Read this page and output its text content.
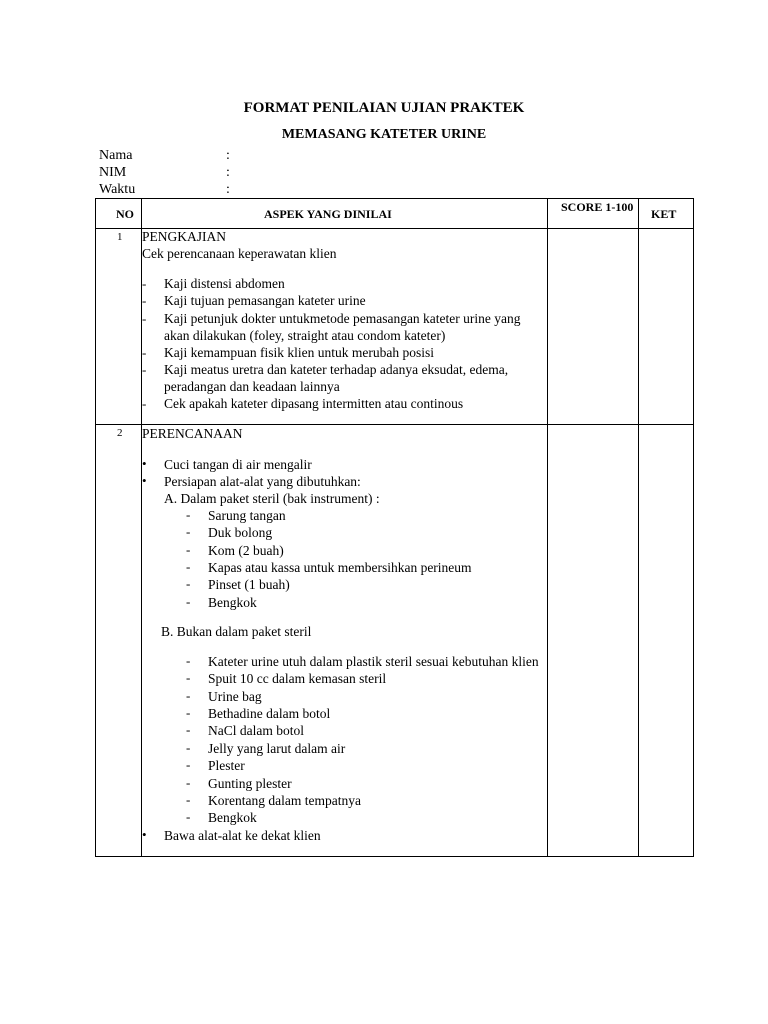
FORMAT PENILAIAN UJIAN PRAKTEK
MEMASANG KATETER URINE
Nama	:
NIM	:
Waktu	:
NO	ASPEK YANG DINILAI	SCORE 1-100 KET
1 PENGKAJIAN
Cek perencanaan keperawatan klien
- Kaji distensi abdomen
- Kaji tujuan pemasangan kateter urine
- Kaji petunjuk dokter untukmetode pemasangan kateter urine yang
akan dilakukan (foley, straight atau condom kateter)
- Kaji kemampuan fisik klien untuk merubah posisi
- Kaji meatus uretra dan kateter terhadap adanya eksudat, edema,
peradangan dan keadaan lainnya
- Cek apakah kateter dipasang intermitten atau continous
2 PERENCANAAN
• Cuci tangan di air mengalir
• Persiapan alat-alat yang dibutuhkan:
A. Dalam paket steril (bak instrument) :
- Sarung tangan
- Duk bolong
- Kom (2 buah)
- Kapas atau kassa untuk membersihkan perineum
- Pinset (1 buah)
- Bengkok
B. Bukan dalam paket steril
- Kateter urine utuh dalam plastik steril sesuai kebutuhan klien
- Spuit 10 cc dalam kemasan steril
- Urine bag
- Bethadine dalam botol
- NaCl dalam botol
- Jelly yang larut dalam air
- Plester
- Gunting plester
- Korentang dalam tempatnya
- Bengkok
• Bawa alat-alat ke dekat klien
